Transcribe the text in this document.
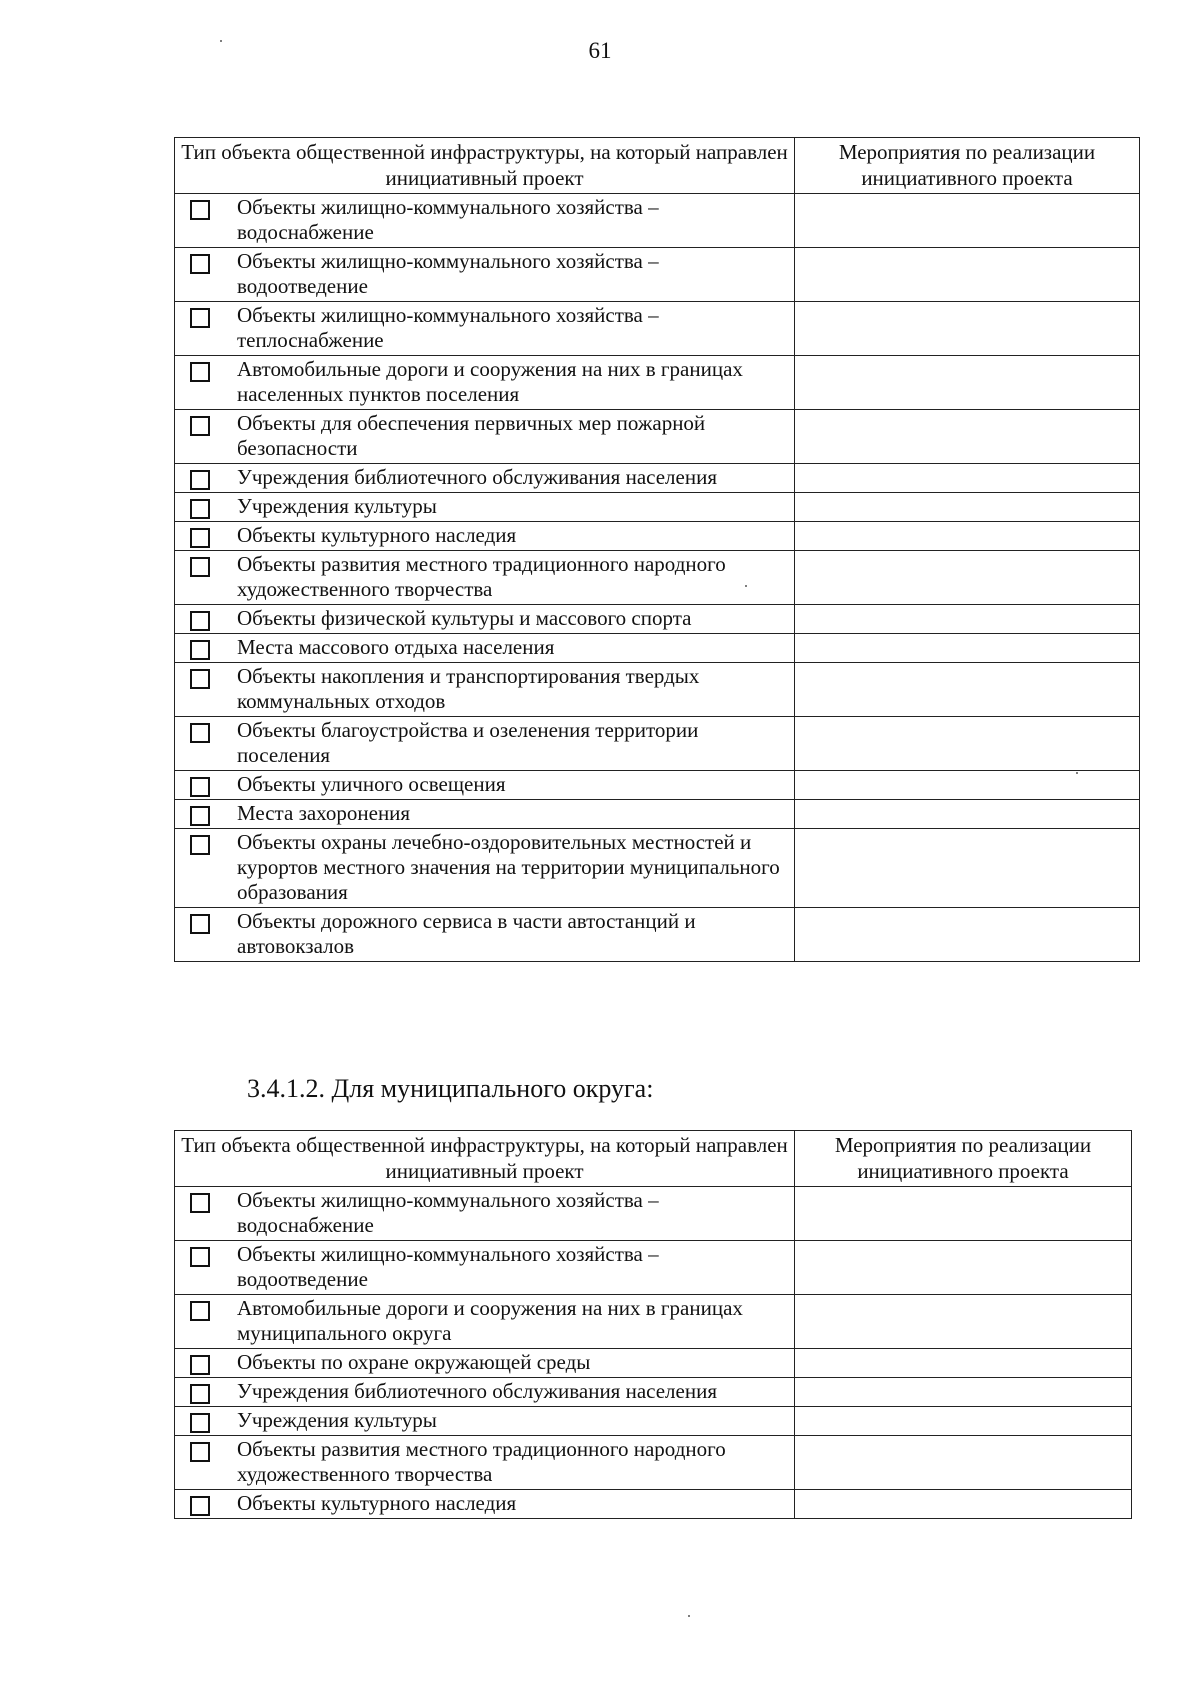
61
Тип объекта общественной инфраструктуры, на который направлен инициативный проект	Мероприятия по реализации инициативного проекта

Объекты жилищно-коммунального хозяйства – водоснабжение	

Объекты жилищно-коммунального хозяйства – водоотведение	

Объекты жилищно-коммунального хозяйства – теплоснабжение	

Автомобильные дороги и сооружения на них в границах населенных пунктов поселения	

Объекты для обеспечения первичных мер пожарной безопасности	

Учреждения библиотечного обслуживания населения	

Учреждения культуры	

Объекты культурного наследия	

Объекты развития местного традиционного народного художественного творчества	

Объекты физической культуры и массового спорта	

Места массового отдыха населения	

Объекты накопления и транспортирования твердых коммунальных отходов	

Объекты благоустройства и озеленения территории поселения	

Объекты уличного освещения	

Места захоронения	

Объекты охраны лечебно-оздоровительных местностей и курортов местного значения на территории муниципального образования	

Объекты дорожного сервиса в части автостанций и автовокзалов	
3.4.1.2. Для муниципального округа:
Тип объекта общественной инфраструктуры, на который направлен инициативный проект	Мероприятия по реализации инициативного проекта

Объекты жилищно-коммунального хозяйства – водоснабжение	

Объекты жилищно-коммунального хозяйства – водоотведение	

Автомобильные дороги и сооружения на них в границах муниципального округа	

Объекты по охране окружающей среды	

Учреждения библиотечного обслуживания населения	

Учреждения культуры	

Объекты развития местного традиционного народного художественного творчества	

Объекты культурного наследия	
